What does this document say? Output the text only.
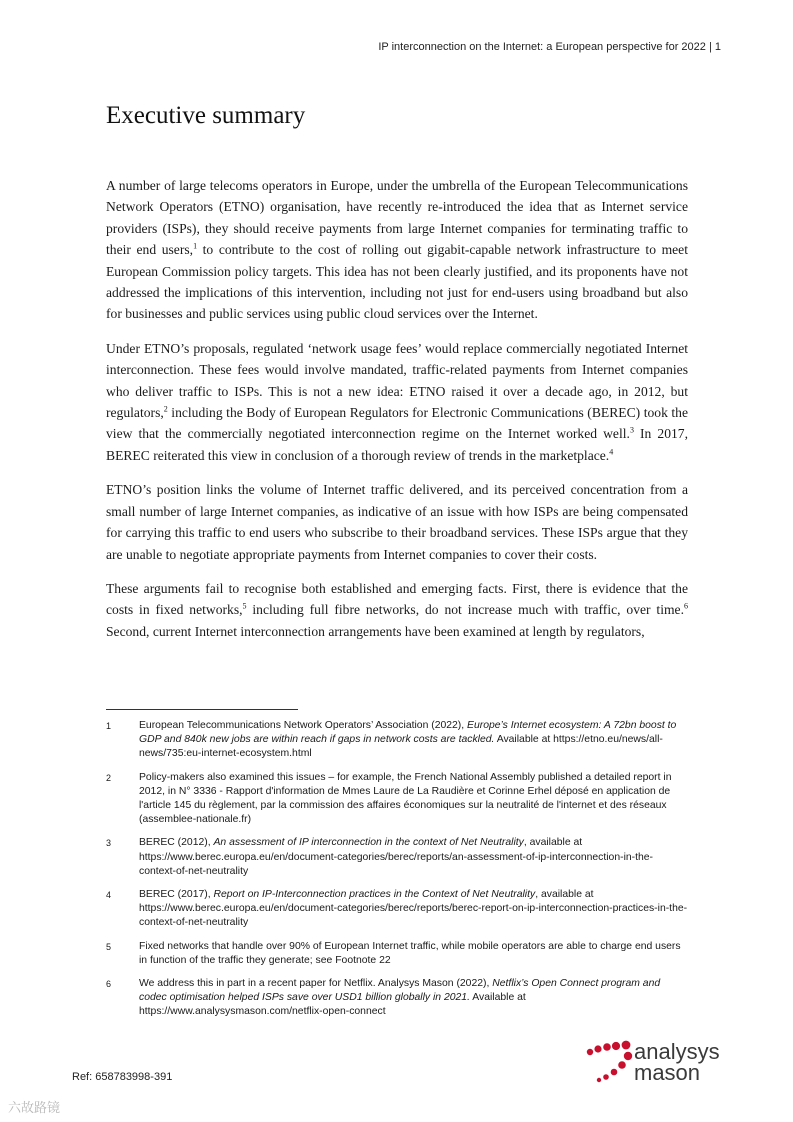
IP interconnection on the Internet: a European perspective for 2022 | 1
Executive summary

A number of large telecoms operators in Europe, under the umbrella of the European Telecommunications Network Operators (ETNO) organisation, have recently re-introduced the idea that as Internet service providers (ISPs), they should receive payments from large Internet companies for terminating traffic to their end users,$^1$ to contribute to the cost of rolling out gigabit-capable network infrastructure to meet European Commission policy targets. This idea has not been clearly justified, and its proponents have not addressed the implications of this intervention, including not just for end-users using broadband but also for businesses and public services using public cloud services over the Internet.

Under ETNO’s proposals, regulated ‘network usage fees’ would replace commercially negotiated Internet interconnection. These fees would involve mandated, traffic-related payments from Internet companies who deliver traffic to ISPs. This is not a new idea: ETNO raised it over a decade ago, in 2012, but regulators,$^2$ including the Body of European Regulators for Electronic Communications (BEREC) took the view that the commercially negotiated interconnection regime on the Internet worked well.$^3$ In 2017, BEREC reiterated this view in conclusion of a thorough review of trends in the marketplace.$^4$

ETNO’s position links the volume of Internet traffic delivered, and its perceived concentration from a small number of large Internet companies, as indicative of an issue with how ISPs are being compensated for carrying this traffic to end users who subscribe to their broadband services. These ISPs argue that they are unable to negotiate appropriate payments from Internet companies to cover their costs.

These arguments fail to recognise both established and emerging facts. First, there is evidence that the costs in fixed networks,$^5$ including full fibre networks, do not increase much with traffic, over time.$^6$ Second, current Internet interconnection arrangements have been examined at length by regulators,

1	European Telecommunications Network Operators’ Association (2022), Europe’s Internet ecosystem: A 72bn boost to GDP and 840k new jobs are within reach if gaps in network costs are tackled. Available at https://etno.eu/news/all-news/735:eu-internet-ecosystem.html
2	Policy-makers also examined this issues – for example, the French National Assembly published a detailed report in 2012, in N° 3336 - Rapport d'information de Mmes Laure de La Raudière et Corinne Erhel déposé en application de l'article 145 du règlement, par la commission des affaires économiques sur la neutralité de l'internet et des réseaux (assemblee-nationale.fr)
3	BEREC (2012), An assessment of IP interconnection in the context of Net Neutrality, available at https://www.berec.europa.eu/en/document-categories/berec/reports/an-assessment-of-ip-interconnection-in-the-context-of-net-neutrality
4	BEREC (2017), Report on IP-Interconnection practices in the Context of Net Neutrality, available at https://www.berec.europa.eu/en/document-categories/berec/reports/berec-report-on-ip-interconnection-practices-in-the-context-of-net-neutrality
5	Fixed networks that handle over 90% of European Internet traffic, while mobile operators are able to charge end users in function of the traffic they generate; see Footnote 22
6	We address this in part in a recent paper for Netflix. Analysys Mason (2022), Netflix’s Open Connect program and codec optimisation helped ISPs save over USD1 billion globally in 2021. Available at https://www.analysysmason.com/netflix-open-connect
Ref: 658783998-391
analysys
mason
六故路镜
